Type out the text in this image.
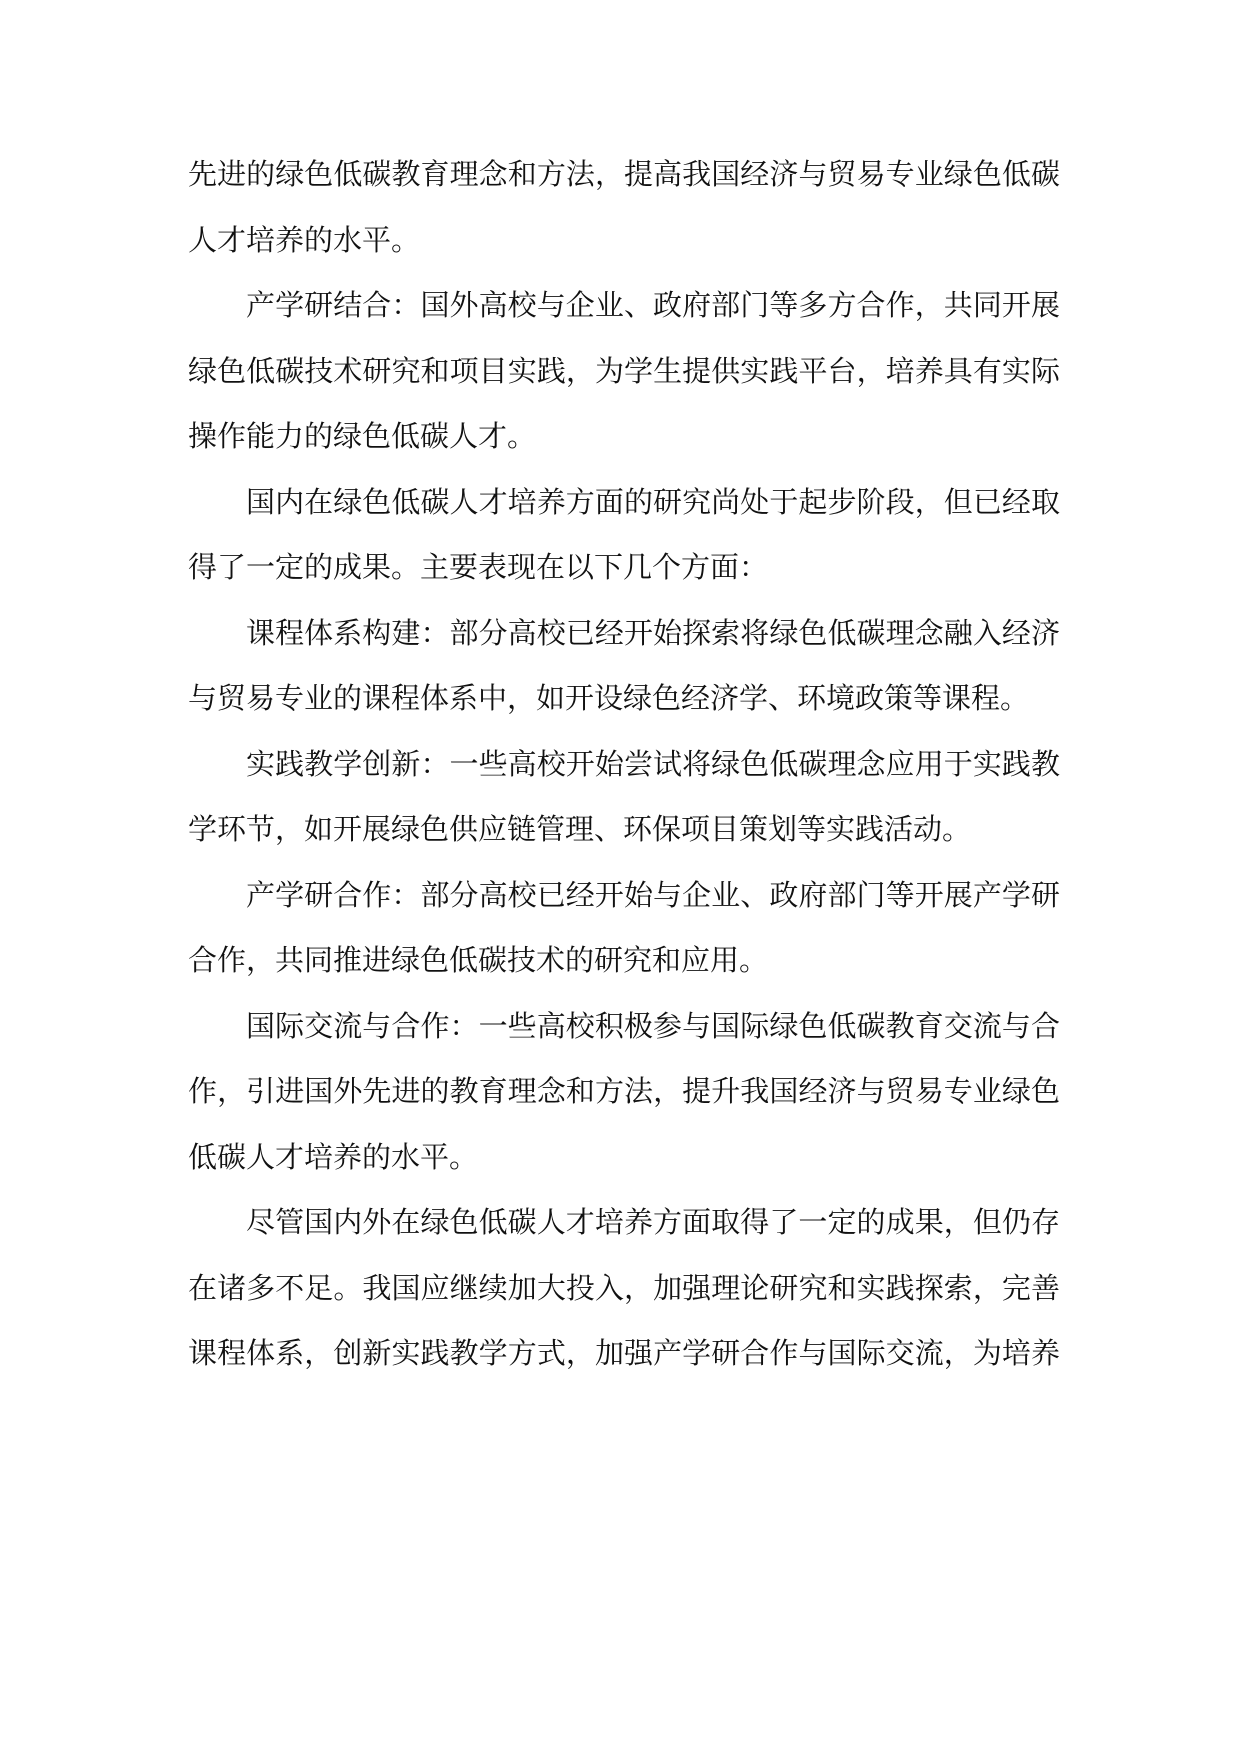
先进的绿色低碳教育理念和方法，提高我国经济与贸易专业绿色低碳
人才培养的水平。
产学研结合：国外高校与企业、政府部门等多方合作，共同开展
绿色低碳技术研究和项目实践，为学生提供实践平台，培养具有实际
操作能力的绿色低碳人才。
国内在绿色低碳人才培养方面的研究尚处于起步阶段，但已经取
得了一定的成果。主要表现在以下几个方面：
课程体系构建：部分高校已经开始探索将绿色低碳理念融入经济
与贸易专业的课程体系中，如开设绿色经济学、环境政策等课程。
实践教学创新：一些高校开始尝试将绿色低碳理念应用于实践教
学环节，如开展绿色供应链管理、环保项目策划等实践活动。
产学研合作：部分高校已经开始与企业、政府部门等开展产学研
合作，共同推进绿色低碳技术的研究和应用。
国际交流与合作：一些高校积极参与国际绿色低碳教育交流与合
作，引进国外先进的教育理念和方法，提升我国经济与贸易专业绿色
低碳人才培养的水平。
尽管国内外在绿色低碳人才培养方面取得了一定的成果，但仍存
在诸多不足。我国应继续加大投入，加强理论研究和实践探索，完善
课程体系，创新实践教学方式，加强产学研合作与国际交流，为培养
